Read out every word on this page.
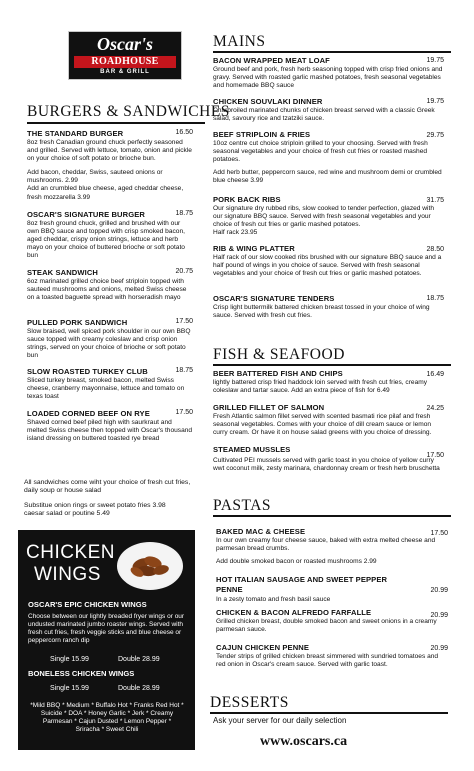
Oscar's
ROADHOUSE
BAR & GRILL
BURGERS & SANDWICHES
THE STANDARD BURGER	16.50
8oz fresh Canadian ground chuck perfectly seasoned and grilled. Served with lettuce, tomato, onion and pickle on your choice of soft potato or brioche bun.
Add bacon, cheddar, Swiss, sauteed onions or mushrooms. 2.99
Add an crumbled blue cheese, aged cheddar cheese, fresh mozzarella 3.99
OSCAR'S SIGNATURE BURGER	18.75
8oz fresh ground chuck, grilled and brushed with our own BBQ sauce and topped with crisp smoked bacon, aged cheddar, crispy onion strings, lettuce and herb mayo on your choice of buttered brioche or soft potato bun
STEAK SANDWICH	20.75
6oz marinated grilled choice beef striploin topped with sauteed mushrooms and onions, melted Swiss cheese on a toasted baguette spread with horseradish mayo
PULLED PORK SANDWICH	17.50
Slow braised, well spiced pork shoulder in our own BBQ sauce topped with creamy coleslaw and crisp onion strings, served on your choice of brioche or soft potato bun
SLOW ROASTED TURKEY CLUB	18.75
Sliced turkey breast, smoked bacon, melted Swiss cheese, cranberry mayonnaise, lettuce and tomato on texas toast
LOADED CORNED BEEF ON RYE	17.50
Shaved corned beef piled high with saurkraut and melted Swiss cheese then topped with Oscar's thousand island dressing on buttered toasted rye bread
All sandwiches come wiht your choice of fresh cut fries, daily soup or house salad
Substitue onion rings or sweet potato fries 3.98
caesar salad or poutine 5.49
CHICKEN
WINGS
OSCAR'S EPIC CHICKEN WINGS
Choose between our lightly breaded fryer wings or our undusted marinated jumbo roaster wings. Served with fresh cut fries, fresh veggie sticks and blue cheese or peppercorn ranch dip
Single 15.99	Double 28.99
BONELESS CHICKEN WINGS
Single 15.99	Double 28.99
*Mild BBQ * Medium * Buffalo Hot * Franks Red Hot * Suicide * DOA * Honey Garlic * Jerk * Creamy Parmesan * Cajun Dusted * Lemon Pepper * Sriracha * Sweet Chili
MAINS
BACON WRAPPED MEAT LOAF	19.75
Ground beef and pork, fresh herb seasoning topped with crisp fried onions and gravy. Served with roasted garlic mashed potatoes, fresh seasonal vegetables and homemade BBQ sauce
CHICKEN SOUVLAKI DINNER	19.75
Charbroiled marinated chunks of chicken breast served with a classic Greek salad, savoury rice and tzatziki sauce.
BEEF STRIPLOIN & FRIES	29.75
10oz centre cut choice striploin grilled to your choosing. Served with fresh seasonal vegetables and your choice of fresh cut fries or roasted mashed potatoes.
Add herb butter, peppercorn sauce, red wine and mushroom demi or crumbled blue cheese 3.99
PORK BACK RIBS	31.75
Our signature dry rubbed ribs, slow cooked to tender perfection, glazed with our signature BBQ sauce. Served with fresh seasonal vegetables and your choice of fresh cut fries or garlic mashed potatoes.
Half rack 23.95
RIB & WING PLATTER	28.50
Half rack of our slow cooked ribs brushed with our signature BBQ sauce and a half pound of wings in you choice of sauce. Served with fresh seasonal vegetables and your choice of fresh cut fries or garlic mashed potatoes.
OSCAR'S SIGNATURE TENDERS	18.75
Crisp light buttermilk battered chicken breast tossed in your choice of wing sauce. Served with fresh cut fries.
FISH & SEAFOOD
BEER BATTERED FISH AND CHIPS	16.49
lightly battered crisp fried haddock loin served with fresh cut fries, creamy coleslaw and tartar sauce. Add an extra piece of fish for 6.49
GRILLED FILLET OF SALMON	24.25
Fresh Atlantic salmon fillet served with scented basmati rice pilaf and fresh seasonal vegetables. Comes with your choice of dill cream sauce or lemon curry cream. Or have it on house salad greens with you choice of dressing.
STEAMED MUSSLES
17.50
Cultivated PEI mussels served with garlic toast in you choice of yellow curry wwt coconut milk, zesty marinara, chardonnay cream or fresh herb bruschetta
PASTAS
BAKED MAC & CHEESE	17.50
In our own creamy four cheese sauce, baked with extra melted cheese and parmesan bread crumbs.
Add double smoked bacon or roasted mushrooms 2.99
HOT ITALIAN SAUSAGE AND SWEET PEPPER PENNE	20.99
In a zesty tomato and fresh basil sauce
CHICKEN & BACON ALFREDO FARFALLE	20.99
Grilled chicken breast, double smoked bacon and sweet onions in a creamy parmesan sauce.
CAJUN CHICKEN PENNE	20.99
Tender strips of grilled chicken breast simmered with sundried tomatoes and red onion in Oscar's cream sauce. Served with garlic toast.
DESSERTS
Ask your server for our daily selection
www.oscars.ca
